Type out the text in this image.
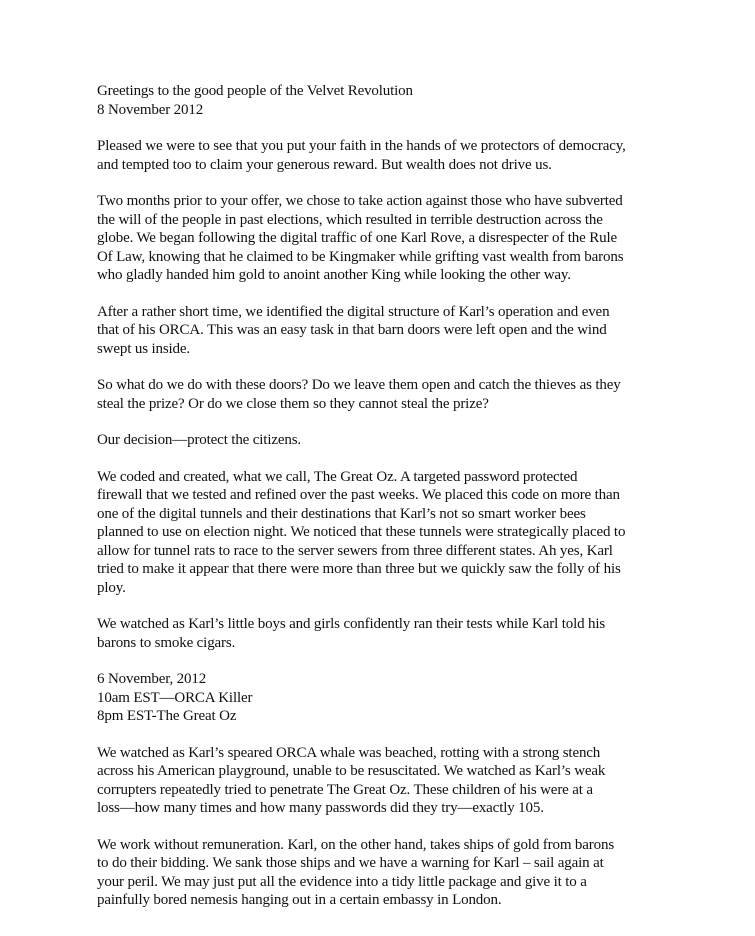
Greetings to the good people of the Velvet Revolution
8 November 2012
Pleased we were to see that you put your faith in the hands of we protectors of democracy,
and tempted too to claim your generous reward. But wealth does not drive us.
Two months prior to your offer, we chose to take action against those who have subverted
the will of the people in past elections, which resulted in terrible destruction across the
globe. We began following the digital traffic of one Karl Rove, a disrespecter of the Rule
Of Law, knowing that he claimed to be Kingmaker while grifting vast wealth from barons
who gladly handed him gold to anoint another King while looking the other way.
After a rather short time, we identified the digital structure of Karl’s operation and even
that of his ORCA. This was an easy task in that barn doors were left open and the wind
swept us inside.
So what do we do with these doors? Do we leave them open and catch the thieves as they
steal the prize? Or do we close them so they cannot steal the prize?
Our decision—protect the citizens.
We coded and created, what we call, The Great Oz. A targeted password protected
firewall that we tested and refined over the past weeks. We placed this code on more than
one of the digital tunnels and their destinations that Karl’s not so smart worker bees
planned to use on election night. We noticed that these tunnels were strategically placed to
allow for tunnel rats to race to the server sewers from three different states. Ah yes, Karl
tried to make it appear that there were more than three but we quickly saw the folly of his
ploy.
We watched as Karl’s little boys and girls confidently ran their tests while Karl told his
barons to smoke cigars.
6 November, 2012
10am EST—ORCA Killer
8pm EST-The Great Oz
We watched as Karl’s speared ORCA whale was beached, rotting with a strong stench
across his American playground, unable to be resuscitated. We watched as Karl’s weak
corrupters repeatedly tried to penetrate The Great Oz. These children of his were at a
loss—how many times and how many passwords did they try—exactly 105.
We work without remuneration. Karl, on the other hand, takes ships of gold from barons
to do their bidding. We sank those ships and we have a warning for Karl – sail again at
your peril. We may just put all the evidence into a tidy little package and give it to a
painfully bored nemesis hanging out in a certain embassy in London.
